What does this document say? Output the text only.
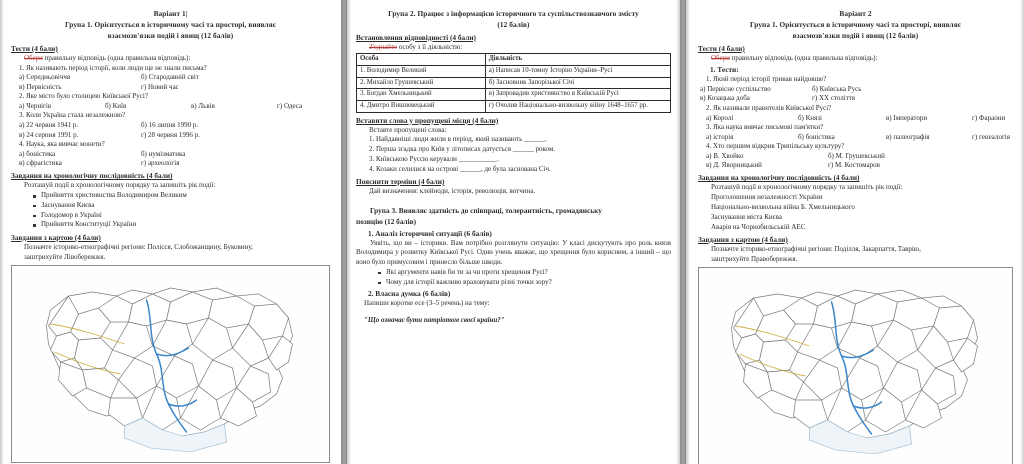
Варіант 1|
Група 1. Орієнтується в історичному часі та просторі, виявляє
взаємозв'язки подій і явищ (12 балів)
Тести (4 бали)

Обери правильну відповідь (одна правильна відповідь):

1. Як називають період історії, коли люди ще не знали письма?

а) Середньовіччя	б) Стародавній світ
в) Первісність	г) Новий час

2. Яке місто було столицею Київської Русі?

а) Чернігів	б) Київ	в) Львів	г) Одеса

3. Коли Україна стала незалежною?

а) 22 червня 1941 р.	б) 16 липня 1990 р.
в) 24 серпня 1991 р.	г) 28 червня 1996 р.

4. Наука, яка вивчає монети?

а) боністика	б) нумізматика
в) сфрагістика	г) археологія
Завдання на хронологічну послідовність (4 бали)

Розташуй події в хронологічному порядку та запишіть рік події:

Прийняття християнства Володимиром Великим
Заснування Києва
Голодомор в Україні
Прийняття Конституції України
Завдання з картою (4 бали)

Позначте історико-етнографічні регіони: Полісся, Слобожанщину, Буковину,

заштрихуйте Лівобережжя.

Група 2. Працює з інформацією історичного та суспільствознавчого змісту
(12 балів)
Встановлення відповідності (4 бали)

З'єднайте особу з її діяльністю:

Особа	Діяльність
1. Володимир Великий	а) Написав 10-томну Історію України–Русі
2. Михайло Грушевський	б) Засновник Запорізької Січі
3. Богдан Хмельницький	в) Запровадив християнство в Київській Русі
4. Дмитро Вишневецький	г) Очолив Національно-визвольну війну 1648–1657 рр.
Вставити слова у пропущені місця (4 бали)

Вставте пропущені слова:

1. Найдавніші люди жили в період, який називають ______.

2. Перша згадка про Київ у літописах датується ______ роком.

3. Київською Руссю керували ___________.

4. Козаки селилися на острові ______, де була заснована Січ.

Пояснити терміни (4 бали)

Дай визначення: клейноди, історія, революція, вотчина.

Група 3. Виявляє здатність до співпраці, толерантність, громадянську
позицію (12 балів)
1. Аналіз історичної ситуації (6 балів)

Уявіть, що ви – історики. Вам потрібно розглянути ситуацію: У класі дискутують про роль князя Володимира у розвитку Київської Русі. Один учень вважає, що хрещення було корисним, а інший – що воно було примусовим і принесло більше шкоди.

Які аргументи навів би ти за чи проти хрещення Русі?
Чому для історії важливо враховувати різні точки зору?
2. Власна думка (6 балів)

Напиши коротке есе (3–5 речень) на тему:

"Що означає бути патріотом своєї країни?"

Варіант 2
Група 1. Орієнтується в історичному часі та просторі, виявляє
взаємозв'язки подій і явищ (12 балів)
Тести (4 бали)

Обери правильну відповідь (одна правильна відповідь):

1. Тести:

1. Який період історії тривав найдовше?

а) Первісне суспільство	б) Київська Русь
в) Козацька доба	г) XX століття

2. Як називали правителів Київської Русі?

а) Королі	б) Князі	в) Імператори	г) Фараони

3. Яка наука вивчає письмові пам'ятки?

а) історія	б) боністика	в) палеографія	г) генеалогія

4. Хто першим відкрив Трипільську культуру?

а) В. Хвойко	б) М. Грушевський
в) Д. Яворницький	г) М. Костомаров
Завдання на хронологічну послідовність (4 бали)

Розташуй події в хронологічному порядку та запишіть рік події:

Проголошення незалежності України

Національно-визвольна війна Б. Хмельницького

Заснування міста Києва

Аварія на Чорнобильській АЕС

Завдання з картою (4 бали)

Позначте історико-етнографічні регіони: Поділля, Закарпаття, Таврію,

заштрихуйте Правобережжя.
